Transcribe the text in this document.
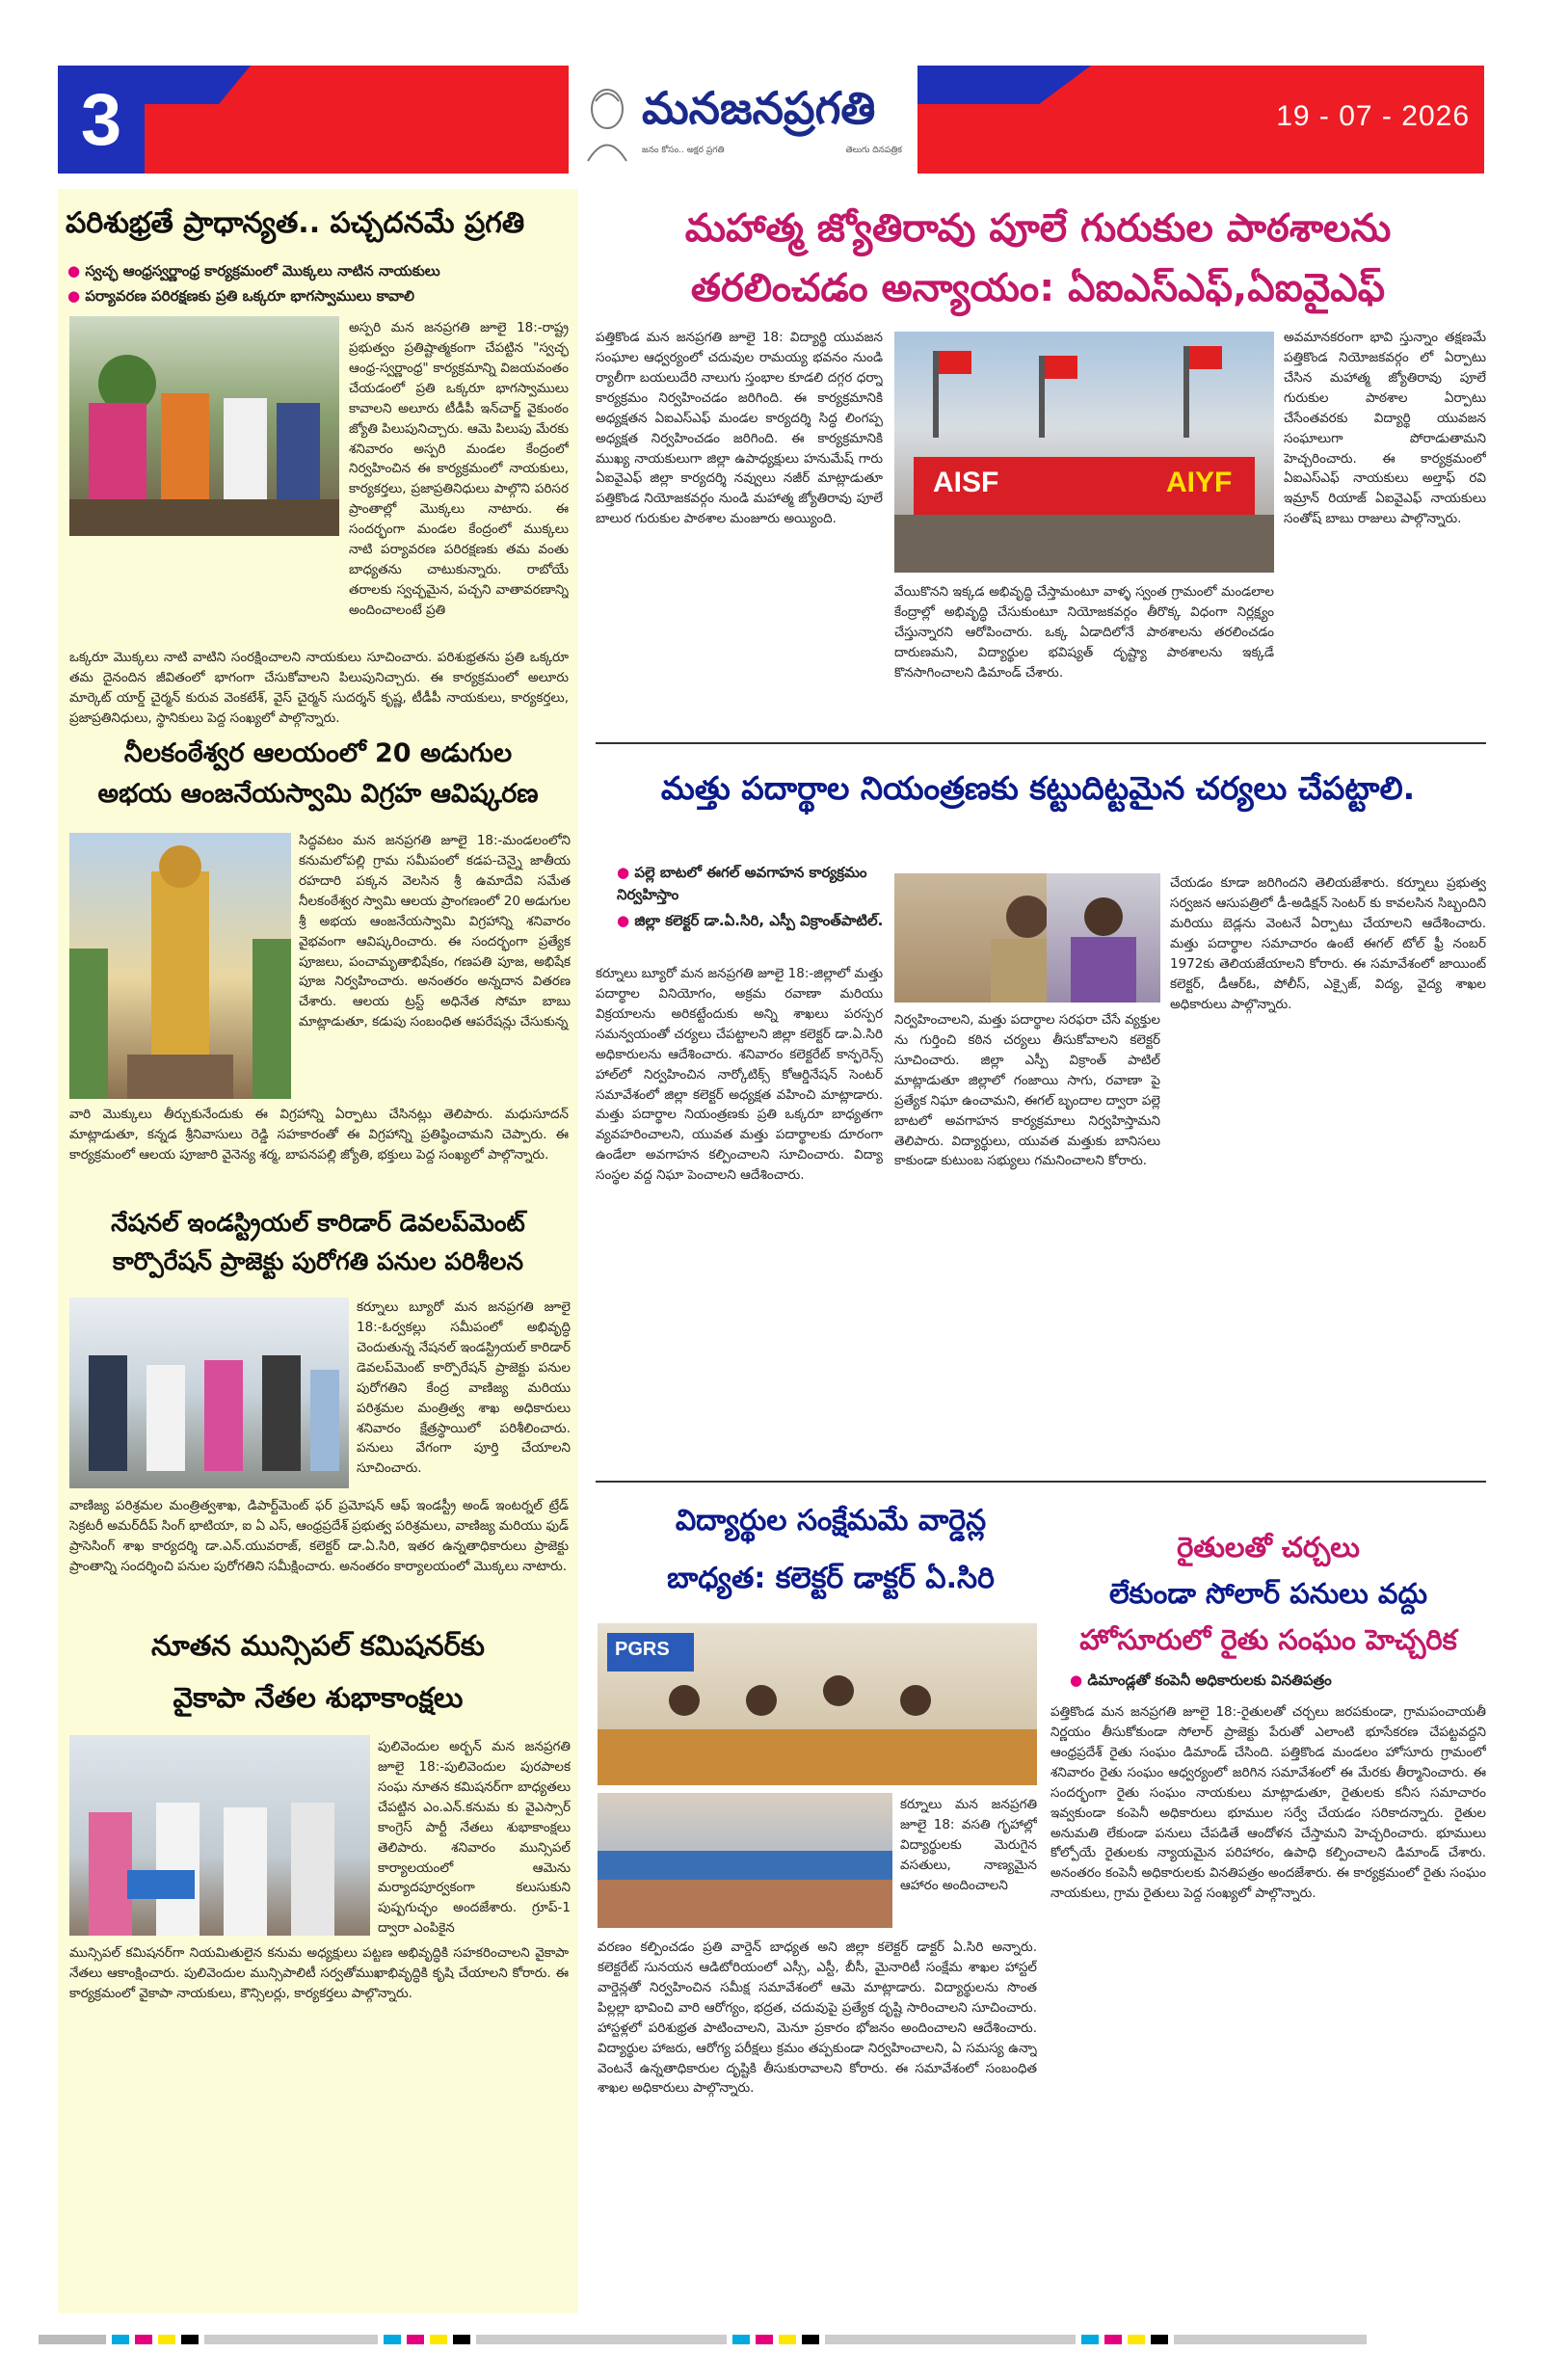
3	మనజనప్రగతి
జనం కోసం.. అక్షర ప్రగతి	తెలుగు దినపత్రిక
19 - 07 - 2026
పరిశుభ్రతే ప్రాధాన్యత.. పచ్చదనమే ప్రగతి
● స్వచ్ఛ ఆంధ్రస్వర్ణాంధ్ర కార్యక్రమంలో మొక్కలు నాటిన నాయకులు
● పర్యావరణ పరిరక్షణకు ప్రతి ఒక్కరూ భాగస్వాములు కావాలి
అస్పరి మన జనప్రగతి జూలై 18:-రాష్ట్ర ప్రభుత్వం ప్రతిష్టాత్మకంగా చేపట్టిన "స్వచ్ఛ ఆంధ్ర-స్వర్ణాంధ్ర" కార్యక్రమాన్ని విజయవంతం చేయడంలో ప్రతి ఒక్కరూ భాగస్వాములు కావాలని అలూరు టీడీపీ ఇన్‌చార్జ్ వైకుంఠం జ్యోతి పిలుపునిచ్చారు. ఆమె పిలుపు మేరకు శనివారం అస్పరి మండల కేంద్రంలో నిర్వహించిన ఈ కార్యక్రమంలో నాయకులు, కార్యకర్తలు, ప్రజాప్రతినిధులు పాల్గొని పరిసర ప్రాంతాల్లో మొక్కలు నాటారు. ఈ సందర్భంగా మండల కేంద్రంలో ముక్కలు నాటి పర్యావరణ పరిరక్షణకు తమ వంతు బాధ్యతను చాటుకున్నారు. రాబోయే తరాలకు స్వచ్ఛమైన, పచ్చని వాతావరణాన్ని అందించాలంటే ప్రతి
ఒక్కరూ మొక్కలు నాటి వాటిని సంరక్షించాలని నాయకులు సూచించారు. పరిశుభ్రతను ప్రతి ఒక్కరూ తమ దైనందిన జీవితంలో భాగంగా చేసుకోవాలని పిలుపునిచ్చారు. ఈ కార్యక్రమంలో అలూరు మార్కెట్ యార్డ్ చైర్మన్ కురువ వెంకటేశ్, వైస్ చైర్మన్ సుదర్శన్ కృష్ణ, టీడీపీ నాయకులు, కార్యకర్తలు, ప్రజాప్రతినిధులు, స్థానికులు పెద్ద సంఖ్యలో పాల్గొన్నారు.
నీలకంఠేశ్వర ఆలయంలో 20 అడుగుల
అభయ ఆంజనేయస్వామి విగ్రహ ఆవిష్కరణ
సిద్ధవటం మన జనప్రగతి జూలై 18:-మండలంలోని కనుమలోపల్లి గ్రామ సమీపంలో కడప-చెన్నై జాతీయ రహదారి పక్కన వెలసిన శ్రీ ఉమాదేవి సమేత నీలకంఠేశ్వర స్వామి ఆలయ ప్రాంగణంలో 20 అడుగుల శ్రీ అభయ ఆంజనేయస్వామి విగ్రహాన్ని శనివారం వైభవంగా ఆవిష్కరించారు. ఈ సందర్భంగా ప్రత్యేక పూజలు, పంచామృతాభిషేకం, గణపతి పూజ, అభిషేక పూజ నిర్వహించారు. అనంతరం అన్నదాన వితరణ చేశారు. ఆలయ ట్రస్ట్ అధినేత సోమా బాబు మాట్లాడుతూ, కడుపు సంబంధిత ఆపరేషన్లు చేసుకున్న
వారి మొక్కులు తీర్చుకునేందుకు ఈ విగ్రహాన్ని ఏర్పాటు చేసినట్లు తెలిపారు. మధుసూదన్ మాట్లాడుతూ, కన్నడ శ్రీనివాసులు రెడ్డి సహకారంతో ఈ విగ్రహాన్ని ప్రతిష్ఠించామని చెప్పారు. ఈ కార్యక్రమంలో ఆలయ పూజారి వైనెన్య శర్మ, బాపనపల్లి జ్యోతి, భక్తులు పెద్ద సంఖ్యలో పాల్గొన్నారు.
నేషనల్ ఇండస్ట్రియల్ కారిడార్ డెవలప్‌మెంట్
కార్పొరేషన్ ప్రాజెక్టు పురోగతి పనుల పరిశీలన
కర్నూలు బ్యూరో మన జనప్రగతి జూలై 18:-ఓర్వకల్లు సమీపంలో అభివృద్ధి చెందుతున్న నేషనల్ ఇండస్ట్రియల్ కారిడార్ డెవలప్‌మెంట్ కార్పొరేషన్ ప్రాజెక్టు పనుల పురోగతిని కేంద్ర వాణిజ్య మరియు పరిశ్రమల మంత్రిత్వ శాఖ అధికారులు శనివారం క్షేత్రస్థాయిలో పరిశీలించారు. పనులు వేగంగా పూర్తి చేయాలని సూచించారు.
వాణిజ్య పరిశ్రమల మంత్రిత్వశాఖ, డిపార్ట్‌మెంట్ ఫర్ ప్రమోషన్ ఆఫ్ ఇండస్ట్రీ అండ్ ఇంటర్నల్ ట్రేడ్ సెక్రటరీ అమర్‌దీప్ సింగ్ భాటియా, ఐ ఏ ఎస్, ఆంధ్రప్రదేశ్ ప్రభుత్వ పరిశ్రమలు, వాణిజ్య మరియు ఫుడ్ ప్రాసెసింగ్ శాఖ కార్యదర్శి డా.ఎన్.యువరాజ్, కలెక్టర్ డా.ఏ.సిరి, ఇతర ఉన్నతాధికారులు ప్రాజెక్టు ప్రాంతాన్ని సందర్శించి పనుల పురోగతిని సమీక్షించారు. అనంతరం కార్యాలయంలో మొక్కలు నాటారు.
నూతన మున్సిపల్ కమిషనర్‌కు
వైకాపా నేతల శుభాకాంక్షలు
పులివెందుల అర్బన్ మన జనప్రగతి జూలై 18:-పులివెందుల పురపాలక సంఘ నూతన కమిషనర్‌గా బాధ్యతలు చేపట్టిన ఎం.ఎన్.కనుమ కు వైఎస్సార్ కాంగ్రెస్ పార్టీ నేతలు శుభాకాంక్షలు తెలిపారు. శనివారం మున్సిపల్ కార్యాలయంలో ఆమెను మర్యాదపూర్వకంగా కలుసుకుని పుష్పగుచ్ఛం అందజేశారు. గ్రూప్-1 ద్వారా ఎంపికైన
మున్సిపల్ కమిషనర్‌గా నియమితులైన కనుమ అధ్యక్షులు పట్టణ అభివృద్ధికి సహకరించాలని వైకాపా నేతలు ఆకాంక్షించారు. పులివెందుల మున్సిపాలిటీ సర్వతోముఖాభివృద్ధికి కృషి చేయాలని కోరారు. ఈ కార్యక్రమంలో వైకాపా నాయకులు, కౌన్సిలర్లు, కార్యకర్తలు పాల్గొన్నారు.
మహాత్మ జ్యోతిరావు పూలే గురుకుల పాఠశాలను
తరలించడం అన్యాయం: ఏఐఎస్ఎఫ్,ఏఐవైఎఫ్
పత్తికొండ మన జనప్రగతి జూలై 18: విద్యార్థి యువజన సంఘాల ఆధ్వర్యంలో చదువుల రామయ్య భవనం నుండి ర్యాలీగా బయలుదేరి నాలుగు స్తంభాల కూడలి దగ్గర ధర్నా కార్యక్రమం నిర్వహించడం జరిగింది. ఈ కార్యక్రమానికి అధ్యక్షతన ఏఐఎస్ఎఫ్ మండల కార్యదర్శి సిద్ధ లింగప్ప అధ్యక్షత నిర్వహించడం జరిగింది. ఈ కార్యక్రమానికి ముఖ్య నాయకులుగా జిల్లా ఉపాధ్యక్షులు హనుమేష్ గారు ఏఐవైఎఫ్ జిల్లా కార్యదర్శి నవ్వులు నజీర్ మాట్లాడుతూ పత్తికొండ నియోజకవర్గం నుండి మహాత్మ జ్యోతిరావు పూలే బాలుర గురుకుల పాఠశాల మంజూరు అయ్యింది.
AISF	AIYF
వేయికొనని ఇక్కడ అభివృద్ధి చేస్తామంటూ వాళ్ళ స్వంత గ్రామంలో మండలాల కేంద్రాల్లో అభివృద్ధి చేసుకుంటూ నియోజకవర్గం తీరొక్క విధంగా నిర్లక్ష్యం చేస్తున్నారని ఆరోపించారు. ఒక్క ఏడాదిలోనే పాఠశాలను తరలించడం దారుణమని, విద్యార్థుల భవిష్యత్ దృష్ట్యా పాఠశాలను ఇక్కడే కొనసాగించాలని డిమాండ్ చేశారు.
అవమానకరంగా భావి స్తున్నాం తక్షణమే పత్తికొండ నియోజకవర్గం లో ఏర్పాటు చేసిన మహాత్మ జ్యోతిరావు పూలే గురుకుల పాఠశాల ఏర్పాటు చేసేంతవరకు విద్యార్థి యువజన సంఘాలుగా పోరాడుతామని హెచ్చరించారు. ఈ కార్యక్రమంలో ఏఐఎస్ఎఫ్ నాయకులు అల్తాఫ్ రవి ఇమ్రాన్ రియాజ్ ఏఐవైఎఫ్ నాయకులు సంతోష్ బాబు రాజులు పాల్గొన్నారు.
మత్తు పదార్థాల నియంత్రణకు కట్టుదిట్టమైన చర్యలు చేపట్టాలి.
● పల్లె బాటలో ఈగల్ అవగాహన కార్యక్రమం నిర్వహిస్తాం
● జిల్లా కలెక్టర్ డా.ఏ.సిరి, ఎస్పీ విక్రాంత్‌పాటిల్.
కర్నూలు బ్యూరో మన జనప్రగతి జూలై 18:-జిల్లాలో మత్తు పదార్థాల వినియోగం, అక్రమ రవాణా మరియు విక్రయాలను అరికట్టేందుకు అన్ని శాఖలు పరస్పర సమన్వయంతో చర్యలు చేపట్టాలని జిల్లా కలెక్టర్ డా.ఏ.సిరి అధికారులను ఆదేశించారు. శనివారం కలెక్టరేట్ కాన్ఫరెన్స్ హాల్‌లో నిర్వహించిన నార్కోటిక్స్ కోఆర్డినేషన్ సెంటర్ సమావేశంలో జిల్లా కలెక్టర్ అధ్యక్షత వహించి మాట్లాడారు. మత్తు పదార్థాల నియంత్రణకు ప్రతి ఒక్కరూ బాధ్యతగా వ్యవహరించాలని, యువత మత్తు పదార్థాలకు దూరంగా ఉండేలా అవగాహన కల్పించాలని సూచించారు. విద్యా సంస్థల వద్ద నిఘా పెంచాలని ఆదేశించారు.
నిర్వహించాలని, మత్తు పదార్థాల సరఫరా చేసే వ్యక్తుల ను గుర్తించి కఠిన చర్యలు తీసుకోవాలని కలెక్టర్ సూచించారు. జిల్లా ఎస్పీ విక్రాంత్ పాటిల్ మాట్లాడుతూ జిల్లాలో గంజాయి సాగు, రవాణా పై ప్రత్యేక నిఘా ఉంచామని, ఈగల్ బృందాల ద్వారా పల్లె బాటలో అవగాహన కార్యక్రమాలు నిర్వహిస్తామని తెలిపారు. విద్యార్థులు, యువత మత్తుకు బానిసలు కాకుండా కుటుంబ సభ్యులు గమనించాలని కోరారు.
చేయడం కూడా జరిగిందని తెలియజేశారు. కర్నూలు ప్రభుత్వ సర్వజన ఆసుపత్రిలో డీ-అడిక్షన్ సెంటర్ కు కావలసిన సిబ్బందిని మరియు బెడ్లను వెంటనే ఏర్పాటు చేయాలని ఆదేశించారు. మత్తు పదార్థాల సమాచారం ఉంటే ఈగల్ టోల్ ఫ్రీ నంబర్ 1972కు తెలియజేయాలని కోరారు. ఈ సమావేశంలో జాయింట్ కలెక్టర్, డీఆర్ఓ, పోలీస్, ఎక్సైజ్, విద్య, వైద్య శాఖల అధికారులు పాల్గొన్నారు.
విద్యార్థుల సంక్షేమమే వార్డెన్ల
బాధ్యత: కలెక్టర్ డాక్టర్ ఏ.సిరి
PGRS
కర్నూలు మన జనప్రగతి జూలై 18: వసతి గృహాల్లో విద్యార్థులకు మెరుగైన వసతులు, నాణ్యమైన ఆహారం అందించాలని
వరణం కల్పించడం ప్రతి వార్డెన్ బాధ్యత అని జిల్లా కలెక్టర్ డాక్టర్ ఏ.సిరి అన్నారు. కలెక్టరేట్ సునయన ఆడిటోరియంలో ఎస్సీ, ఎస్టీ, బీసీ, మైనారిటీ సంక్షేమ శాఖల హాస్టల్ వార్డెన్లతో నిర్వహించిన సమీక్ష సమావేశంలో ఆమె మాట్లాడారు. విద్యార్థులను సొంత పిల్లల్లా భావించి వారి ఆరోగ్యం, భద్రత, చదువుపై ప్రత్యేక దృష్టి సారించాలని సూచించారు. హాస్టళ్లలో పరిశుభ్రత పాటించాలని, మెనూ ప్రకారం భోజనం అందించాలని ఆదేశించారు. విద్యార్థుల హాజరు, ఆరోగ్య పరీక్షలు క్రమం తప్పకుండా నిర్వహించాలని, ఏ సమస్య ఉన్నా వెంటనే ఉన్నతాధికారుల దృష్టికి తీసుకురావాలని కోరారు. ఈ సమావేశంలో సంబంధిత శాఖల అధికారులు పాల్గొన్నారు.
రైతులతో చర్చలు
లేకుండా సోలార్ పనులు వద్దు
హోసూరులో రైతు సంఘం హెచ్చరిక
● డిమాండ్లతో కంపెనీ అధికారులకు వినతిపత్రం
పత్తికొండ మన జనప్రగతి జూలై 18:-రైతులతో చర్చలు జరపకుండా, గ్రామపంచాయతీ నిర్ణయం తీసుకోకుండా సోలార్ ప్రాజెక్టు పేరుతో ఎలాంటి భూసేకరణ చేపట్టవద్దని ఆంధ్రప్రదేశ్ రైతు సంఘం డిమాండ్ చేసింది. పత్తికొండ మండలం హోసూరు గ్రామంలో శనివారం రైతు సంఘం ఆధ్వర్యంలో జరిగిన సమావేశంలో ఈ మేరకు తీర్మానించారు. ఈ సందర్భంగా రైతు సంఘం నాయకులు మాట్లాడుతూ, రైతులకు కనీస సమాచారం ఇవ్వకుండా కంపెనీ అధికారులు భూముల సర్వే చేయడం సరికాదన్నారు. రైతుల అనుమతి లేకుండా పనులు చేపడితే ఆందోళన చేస్తామని హెచ్చరించారు. భూములు కోల్పోయే రైతులకు న్యాయమైన పరిహారం, ఉపాధి కల్పించాలని డిమాండ్ చేశారు. అనంతరం కంపెనీ అధికారులకు వినతిపత్రం అందజేశారు. ఈ కార్యక్రమంలో రైతు సంఘం నాయకులు, గ్రామ రైతులు పెద్ద సంఖ్యలో పాల్గొన్నారు.
